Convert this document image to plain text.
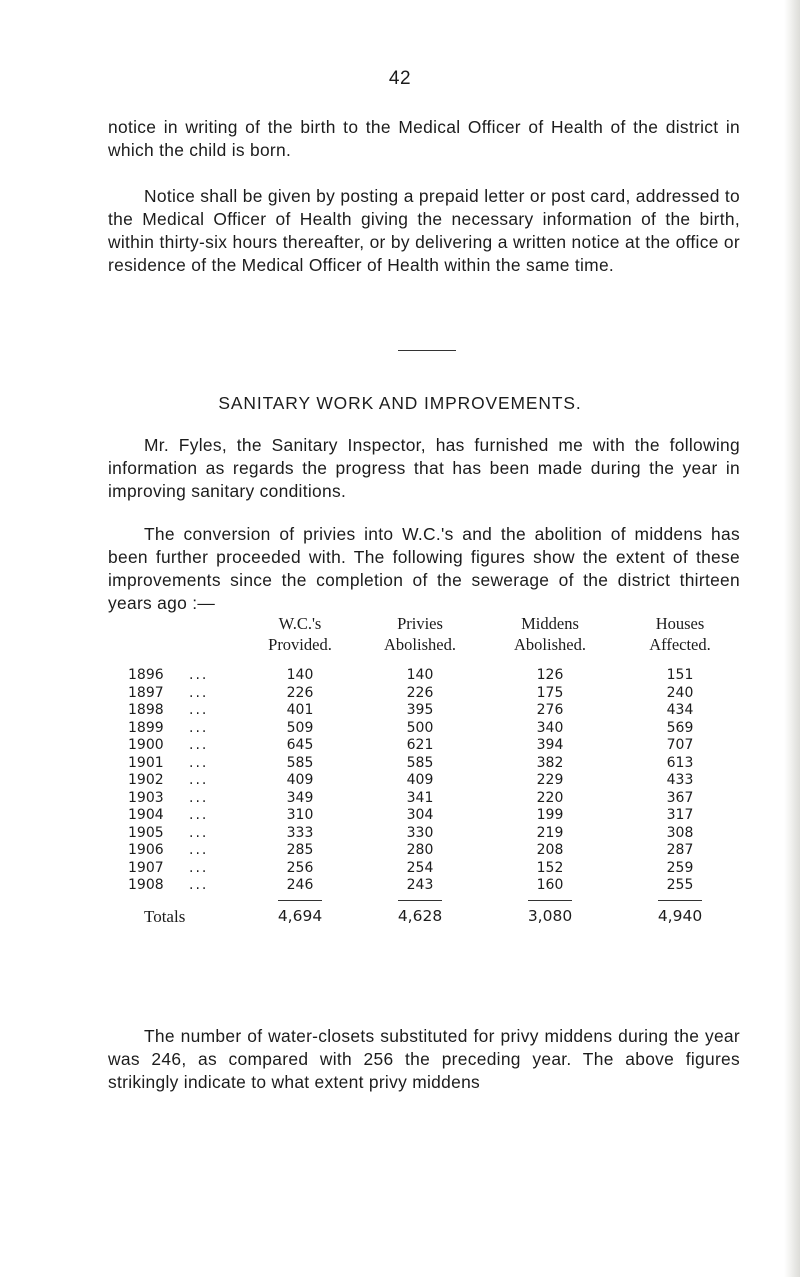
42

notice in writing of the birth to the Medical Officer of Health of the district in which the child is born.

Notice shall be given by posting a prepaid letter or post card, addressed to the Medical Officer of Health giving the necessary information of the birth, within thirty-six hours thereafter, or by delivering a written notice at the office or residence of the Medical Officer of Health within the same time.

SANITARY WORK AND IMPROVEMENTS.

Mr. Fyles, the Sanitary Inspector, has furnished me with the following information as regards the progress that has been made during the year in improving sanitary conditions.

The conversion of privies into W.C.'s and the abolition of middens has been further proceeded with. The following figures show the extent of these improvements since the completion of the sewerage of the district thirteen years ago :—

W.C.'s	Privies	Middens	Houses
Provided.	Abolished.	Abolished.	Affected.
1896	...	140	140	126	151
1897	...	226	226	175	240
1898	...	401	395	276	434
1899	...	509	500	340	569
1900	...	645	621	394	707
1901	...	585	585	382	613
1902	...	409	409	229	433
1903	...	349	341	220	367
1904	...	310	304	199	317
1905	...	333	330	219	308
1906	...	285	280	208	287
1907	...	256	254	152	259
1908	...	246	243	160	255
Totals	4,694	4,628	3,080	4,940

The number of water-closets substituted for privy middens during the year was 246, as compared with 256 the preceding year. The above figures strikingly indicate to what extent privy middens
